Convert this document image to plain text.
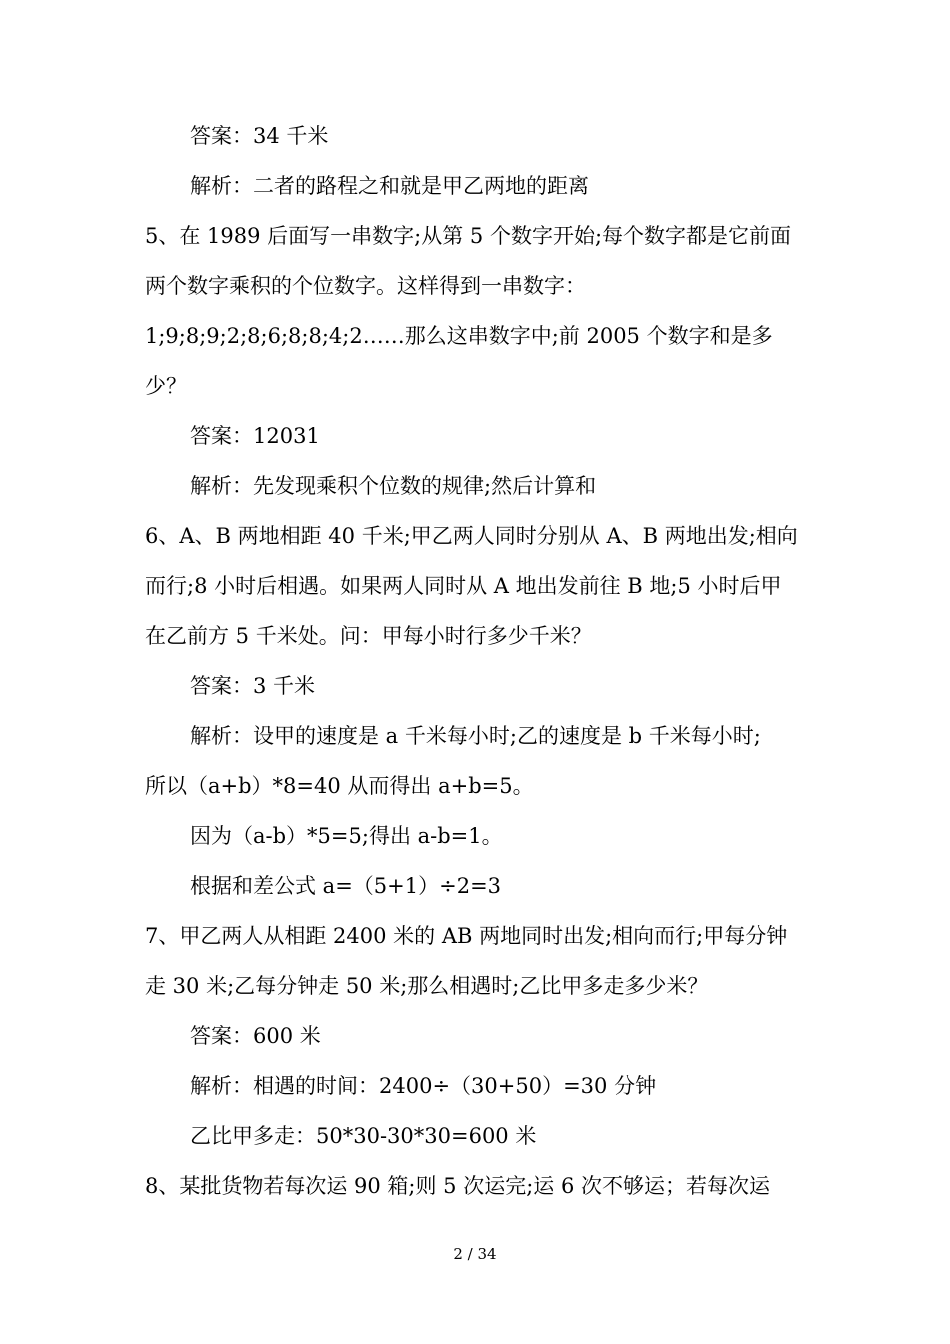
答案：34 千米
解析：二者的路程之和就是甲乙两地的距离
5、在 1989 后面写一串数字;从第 5 个数字开始;每个数字都是它前面
两个数字乘积的个位数字。这样得到一串数字：
1;9;8;9;2;8;6;8;8;4;2……那么这串数字中;前 2005 个数字和是多
少？
答案：12031
解析：先发现乘积个位数的规律;然后计算和
6、A、B 两地相距 40 千米;甲乙两人同时分别从 A、B 两地出发;相向
而行;8 小时后相遇。如果两人同时从 A 地出发前往 B 地;5 小时后甲
在乙前方 5 千米处。问：甲每小时行多少千米？
答案：3 千米
解析：设甲的速度是 a 千米每小时;乙的速度是 b 千米每小时;
所以（a+b）*8=40 从而得出 a+b=5。
因为（a-b）*5=5;得出 a-b=1。
根据和差公式 a=（5+1）÷2=3
7、甲乙两人从相距 2400 米的 AB 两地同时出发;相向而行;甲每分钟
走 30 米;乙每分钟走 50 米;那么相遇时;乙比甲多走多少米？
答案：600 米
解析：相遇的时间：2400÷（30+50）=30 分钟
乙比甲多走：50*30-30*30=600 米
8、某批货物若每次运 90 箱;则 5 次运完;运 6 次不够运；若每次运
2 / 34
